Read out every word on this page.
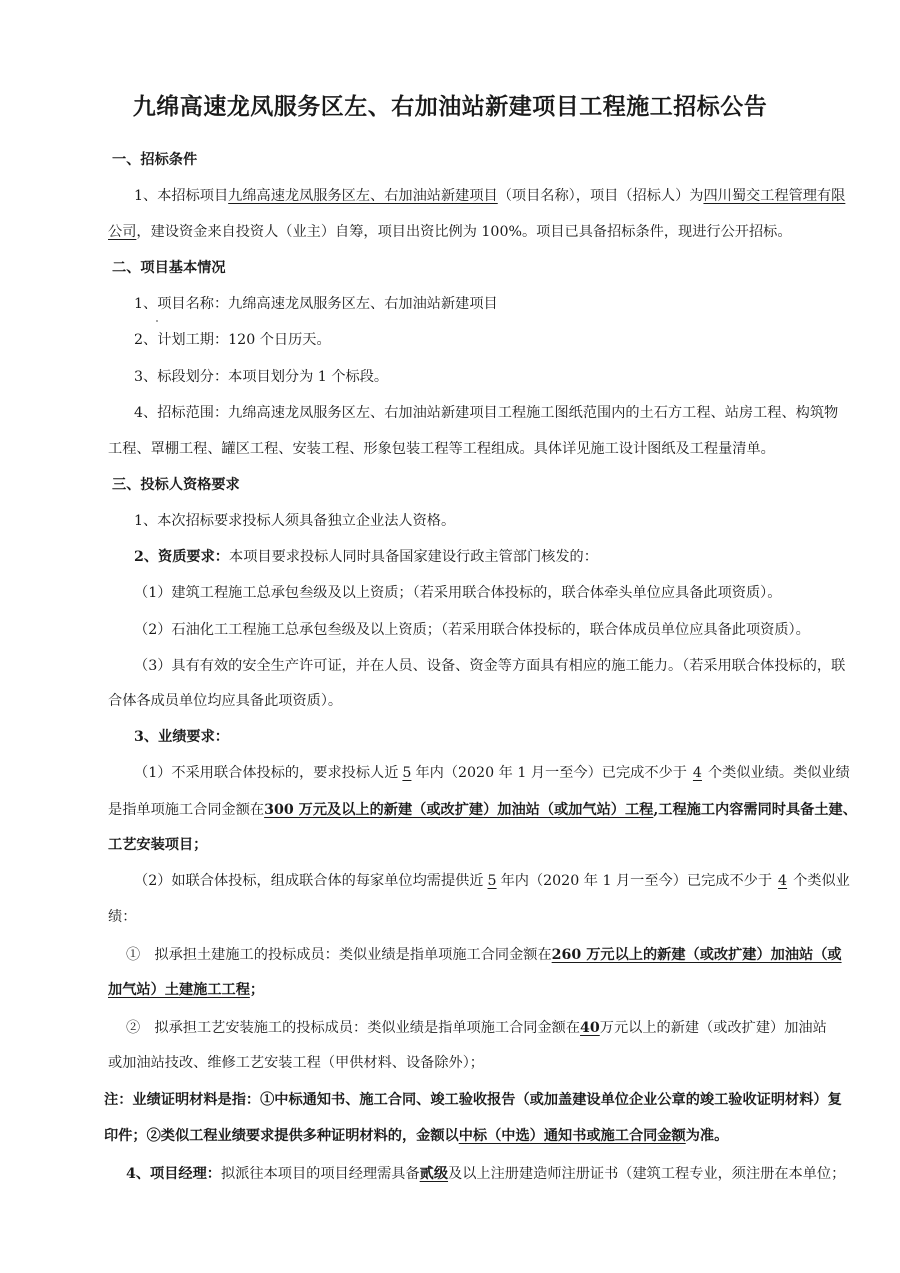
九绵高速龙凤服务区左、右加油站新建项目工程施工招标公告
一、招标条件
1、本招标项目九绵高速龙凤服务区左、右加油站新建项目（项目名称），项目（招标人）为四川蜀交工程管理有限
公司，建设资金来自投资人（业主）自筹，项目出资比例为 100%。项目已具备招标条件，现进行公开招标。
二、项目基本情况
1、项目名称：九绵高速龙凤服务区左、右加油站新建项目
2、计划工期：120 个日历天。
3、标段划分：本项目划分为 1 个标段。
4、招标范围：九绵高速龙凤服务区左、右加油站新建项目工程施工图纸范围内的土石方工程、站房工程、构筑物
工程、罩棚工程、罐区工程、安装工程、形象包装工程等工程组成。具体详见施工设计图纸及工程量清单。
三、投标人资格要求
1、本次招标要求投标人须具备独立企业法人资格。
2、资质要求：本项目要求投标人同时具备国家建设行政主管部门核发的：
（1）建筑工程施工总承包叁级及以上资质；（若采用联合体投标的，联合体牵头单位应具备此项资质）。
（2）石油化工工程施工总承包叁级及以上资质；（若采用联合体投标的，联合体成员单位应具备此项资质）。
（3）具有有效的安全生产许可证，并在人员、设备、资金等方面具有相应的施工能力。（若采用联合体投标的，联
合体各成员单位均应具备此项资质）。
3、业绩要求：
（1）不采用联合体投标的，要求投标人近 5 年内（2020 年 1 月一至今）已完成不少于 4 个类似业绩。类似业绩
是指单项施工合同金额在300 万元及以上的新建（或改扩建）加油站（或加气站）工程,工程施工内容需同时具备土建、
工艺安装项目；
（2）如联合体投标，组成联合体的每家单位均需提供近 5 年内（2020 年 1 月一至今）已完成不少于 4 个类似业
绩：
①　拟承担土建施工的投标成员：类似业绩是指单项施工合同金额在260 万元以上的新建（或改扩建）加油站（或
加气站）土建施工工程；
②　拟承担工艺安装施工的投标成员：类似业绩是指单项施工合同金额在40万元以上的新建（或改扩建）加油站
或加油站技改、维修工艺安装工程（甲供材料、设备除外）；
注：业绩证明材料是指：①中标通知书、施工合同、竣工验收报告（或加盖建设单位企业公章的竣工验收证明材料）复
印件；②类似工程业绩要求提供多种证明材料的，金额以中标（中选）通知书或施工合同金额为准。
4、项目经理：拟派往本项目的项目经理需具备贰级及以上注册建造师注册证书（建筑工程专业，须注册在本单位；
